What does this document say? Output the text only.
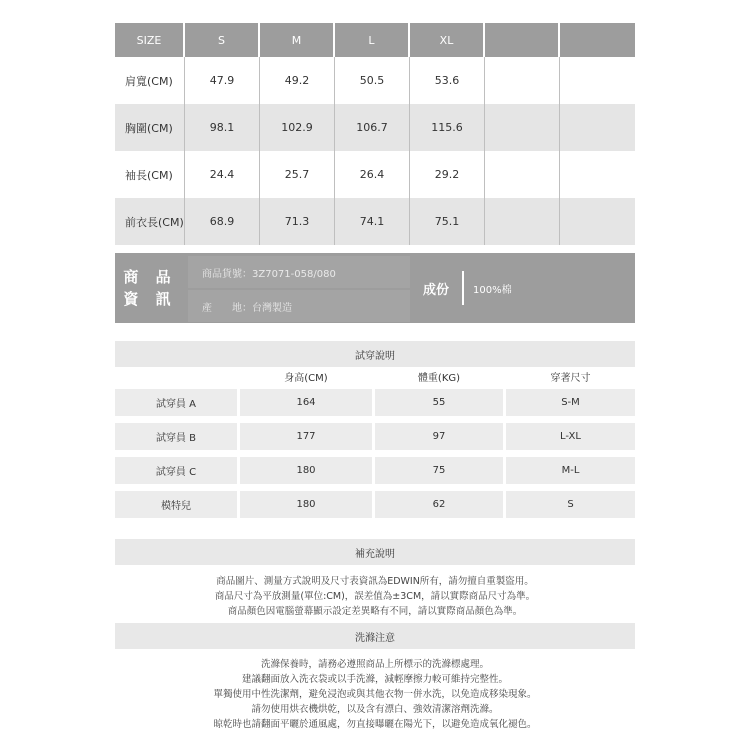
SIZE	S	M	L	XL
肩寬(CM)	47.9	49.2	50.5	53.6
胸圍(CM)	98.1	102.9	106.7	115.6
袖長(CM)	24.4	25.7	26.4	29.2
前衣長(CM)	68.9	71.3	74.1	75.1
商 品
資 訊
商品貨號：3Z7071-058/080
產　　地：台灣製造
成份 100%棉
試穿說明
身高(CM)	體重(KG)	穿著尺寸
試穿員 A	164	55	S-M
試穿員 B	177	97	L-XL
試穿員 C	180	75	M-L
模特兒	180	62	S
補充說明
商品圖片、測量方式說明及尺寸表資訊為EDWIN所有，請勿擅自重製盜用。
商品尺寸為平放測量(單位:CM)，誤差值為±3CM，請以實際商品尺寸為準。
商品顏色因電腦螢幕顯示設定差異略有不同，請以實際商品顏色為準。
洗滌注意
洗滌保養時，請務必遵照商品上所標示的洗滌標處理。
建議翻面放入洗衣袋或以手洗滌，減輕摩擦力較可維持完整性。
單獨使用中性洗潔劑，避免浸泡或與其他衣物一併水洗，以免造成移染現象。
請勿使用烘衣機烘乾，以及含有漂白、強效清潔溶劑洗滌。
晾乾時也請翻面平曬於通風處，勿直接曝曬在陽光下，以避免造成氧化褪色。
